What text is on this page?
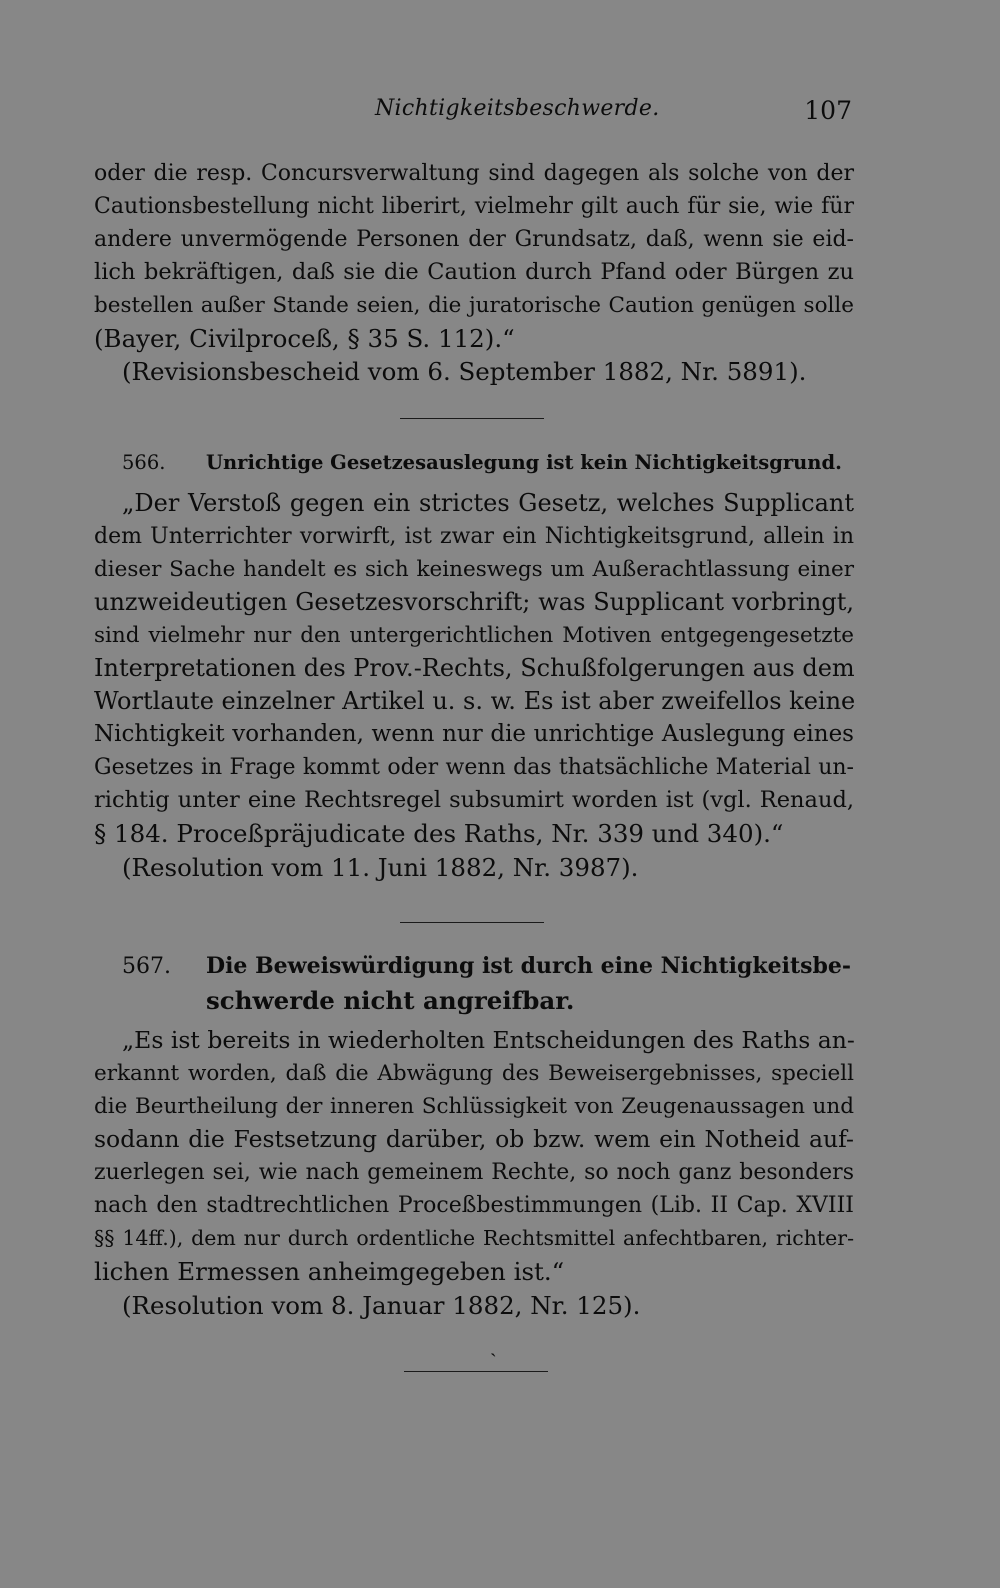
Nichtigkeitsbeschwerde.	107
oder die resp. Concursverwaltung sind dagegen als solche von der
Cautionsbestellung nicht liberirt, vielmehr gilt auch für sie, wie für
andere unvermögende Personen der Grundsatz, daß, wenn sie eid-
lich bekräftigen, daß sie die Caution durch Pfand oder Bürgen zu
bestellen außer Stande seien, die juratorische Caution genügen solle
(Bayer, Civilproceß, § 35 S. 112).“
(Revisionsbescheid vom 6. September 1882, Nr. 5891).
566. Unrichtige Gesetzesauslegung ist kein Nichtigkeitsgrund.
„Der Verstoß gegen ein strictes Gesetz, welches Supplicant
dem Unterrichter vorwirft, ist zwar ein Nichtigkeitsgrund, allein in
dieser Sache handelt es sich keineswegs um Außerachtlassung einer
unzweideutigen Gesetzesvorschrift; was Supplicant vorbringt,
sind vielmehr nur den untergerichtlichen Motiven entgegengesetzte
Interpretationen des Prov.-Rechts, Schußfolgerungen aus dem
Wortlaute einzelner Artikel u. s. w. Es ist aber zweifellos keine
Nichtigkeit vorhanden, wenn nur die unrichtige Auslegung eines
Gesetzes in Frage kommt oder wenn das thatsächliche Material un-
richtig unter eine Rechtsregel subsumirt worden ist (vgl. Renaud,
§ 184. Proceßpräjudicate des Raths, Nr. 339 und 340).“
(Resolution vom 11. Juni 1882, Nr. 3987).
567. Die Beweiswürdigung ist durch eine Nichtigkeitsbe-
schwerde nicht angreifbar.
„Es ist bereits in wiederholten Entscheidungen des Raths an-
erkannt worden, daß die Abwägung des Beweisergebnisses, speciell
die Beurtheilung der inneren Schlüssigkeit von Zeugenaussagen und
sodann die Festsetzung darüber, ob bzw. wem ein Notheid auf-
zuerlegen sei, wie nach gemeinem Rechte, so noch ganz besonders
nach den stadtrechtlichen Proceßbestimmungen (Lib. II Cap. XVIII
§§ 14ff.), dem nur durch ordentliche Rechtsmittel anfechtbaren, richter-
lichen Ermessen anheimgegeben ist.“
(Resolution vom 8. Januar 1882, Nr. 125).
ˏ
